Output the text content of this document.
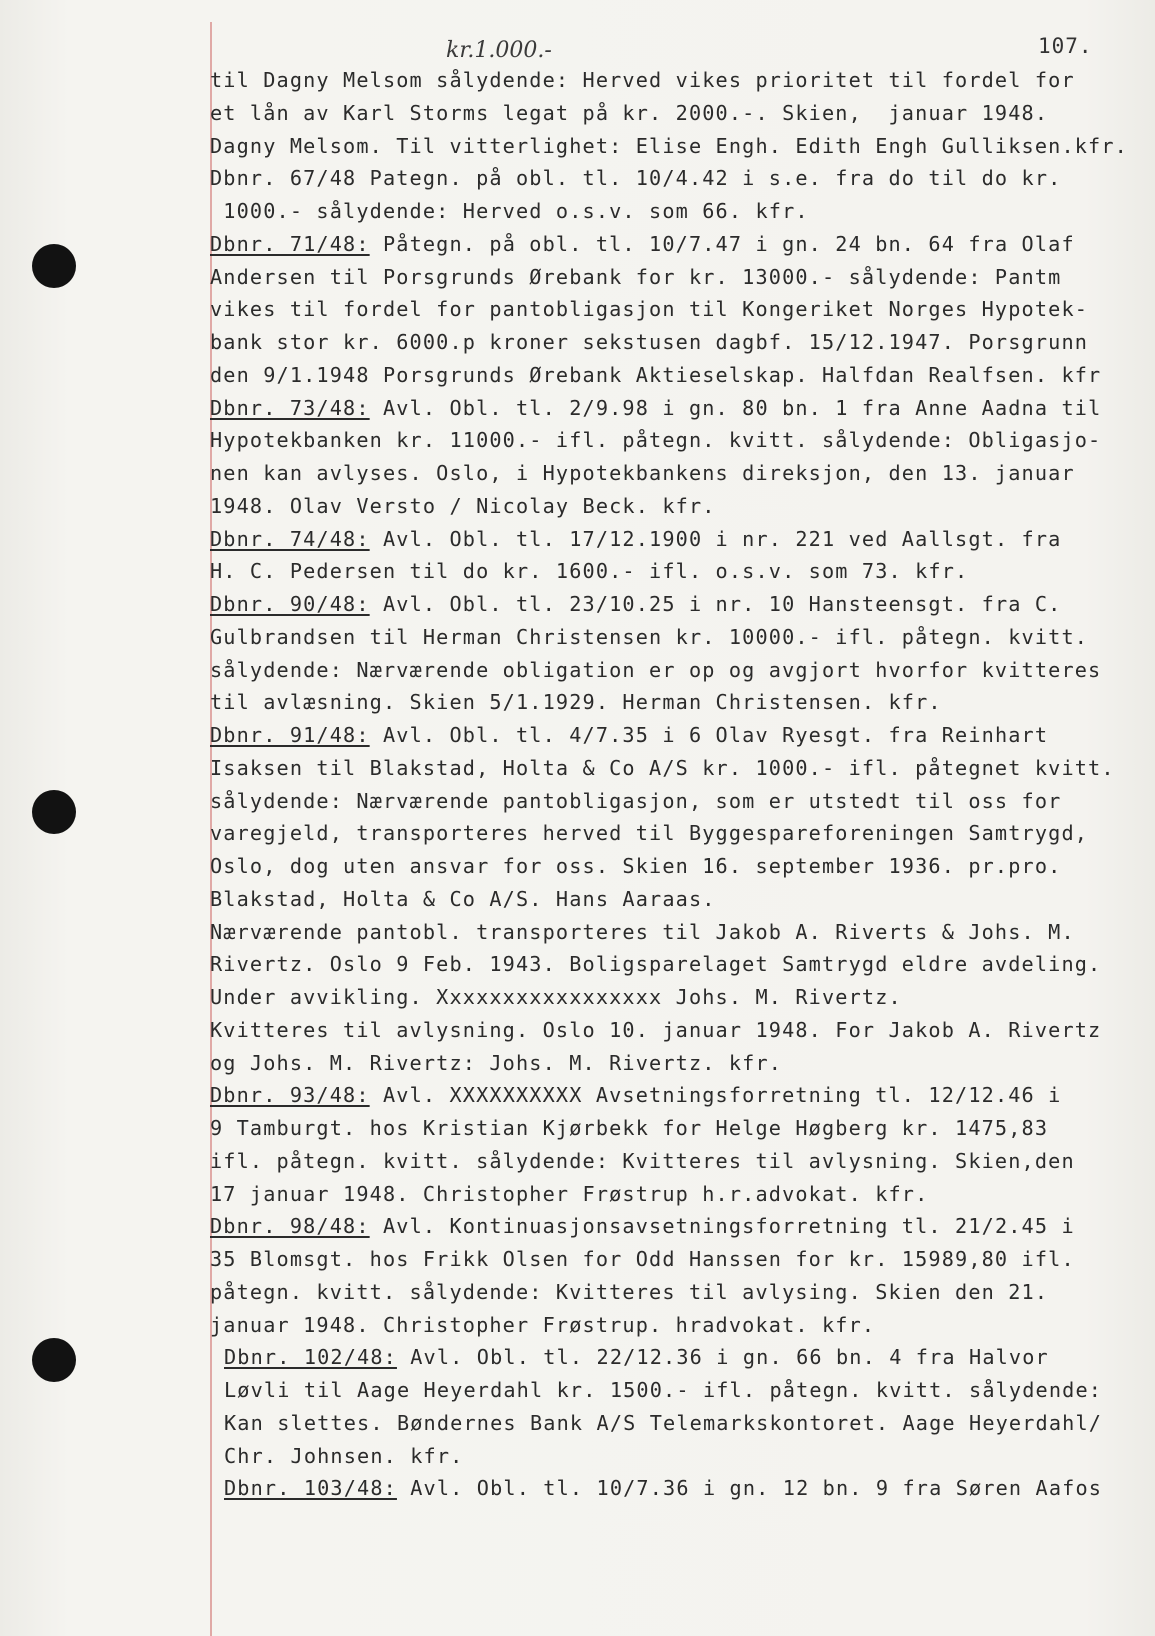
107.
kr.1.000.-
til Dagny Melsom sålydende: Herved vikes prioritet til fordel for
et lån av Karl Storms legat på kr. 2000.-. Skien,  januar 1948.
Dagny Melsom. Til vitterlighet: Elise Engh. Edith Engh Gulliksen.kfr.
Dbnr. 67/48 Pategn. på obl. tl. 10/4.42 i s.e. fra do til do kr.
1000.- sålydende: Herved o.s.v. som 66. kfr.
Dbnr. 71/48: Påtegn. på obl. tl. 10/7.47 i gn. 24 bn. 64 fra Olaf
Andersen til Porsgrunds Ørebank for kr. 13000.- sålydende: Pantm
vikes til fordel for pantobligasjon til Kongeriket Norges Hypotek-
bank stor kr. 6000.p kroner sekstusen dagbf. 15/12.1947. Porsgrunn
den 9/1.1948 Porsgrunds Ørebank Aktieselskap. Halfdan Realfsen. kfr
Dbnr. 73/48: Avl. Obl. tl. 2/9.98 i gn. 80 bn. 1 fra Anne Aadna til
Hypotekbanken kr. 11000.- ifl. påtegn. kvitt. sålydende: Obligasjo-
nen kan avlyses. Oslo, i Hypotekbankens direksjon, den 13. januar
1948. Olav Versto / Nicolay Beck. kfr.
Dbnr. 74/48: Avl. Obl. tl. 17/12.1900 i nr. 221 ved Aallsgt. fra
H. C. Pedersen til do kr. 1600.- ifl. o.s.v. som 73. kfr.
Dbnr. 90/48: Avl. Obl. tl. 23/10.25 i nr. 10 Hansteensgt. fra C.
Gulbrandsen til Herman Christensen kr. 10000.- ifl. påtegn. kvitt.
sålydende: Nærværende obligation er op og avgjort hvorfor kvitteres
til avlæsning. Skien 5/1.1929. Herman Christensen. kfr.
Dbnr. 91/48: Avl. Obl. tl. 4/7.35 i 6 Olav Ryesgt. fra Reinhart
Isaksen til Blakstad, Holta & Co A/S kr. 1000.- ifl. påtegnet kvitt.
sålydende: Nærværende pantobligasjon, som er utstedt til oss for
varegjeld, transporteres herved til Byggespareforeningen Samtrygd,
Oslo, dog uten ansvar for oss. Skien 16. september 1936. pr.pro.
Blakstad, Holta & Co A/S. Hans Aaraas.
Nærværende pantobl. transporteres til Jakob A. Riverts & Johs. M.
Rivertz. Oslo 9 Feb. 1943. Boligsparelaget Samtrygd eldre avdeling.
Under avvikling. Xxxxxxxxxxxxxxxxx Johs. M. Rivertz.
Kvitteres til avlysning. Oslo 10. januar 1948. For Jakob A. Rivertz
og Johs. M. Rivertz: Johs. M. Rivertz. kfr.
Dbnr. 93/48: Avl. XXXXXXXXXX Avsetningsforretning tl. 12/12.46 i
9 Tamburgt. hos Kristian Kjørbekk for Helge Høgberg kr. 1475,83
ifl. påtegn. kvitt. sålydende: Kvitteres til avlysning. Skien,den
17 januar 1948. Christopher Frøstrup h.r.advokat. kfr.
Dbnr. 98/48: Avl. Kontinuasjonsavsetningsforretning tl. 21/2.45 i
35 Blomsgt. hos Frikk Olsen for Odd Hanssen for kr. 15989,80 ifl.
påtegn. kvitt. sålydende: Kvitteres til avlysing. Skien den 21.
januar 1948. Christopher Frøstrup. hradvokat. kfr.
Dbnr. 102/48: Avl. Obl. tl. 22/12.36 i gn. 66 bn. 4 fra Halvor
Løvli til Aage Heyerdahl kr. 1500.- ifl. påtegn. kvitt. sålydende:
Kan slettes. Bøndernes Bank A/S Telemarkskontoret. Aage Heyerdahl/
Chr. Johnsen. kfr.
Dbnr. 103/48: Avl. Obl. tl. 10/7.36 i gn. 12 bn. 9 fra Søren Aafos
